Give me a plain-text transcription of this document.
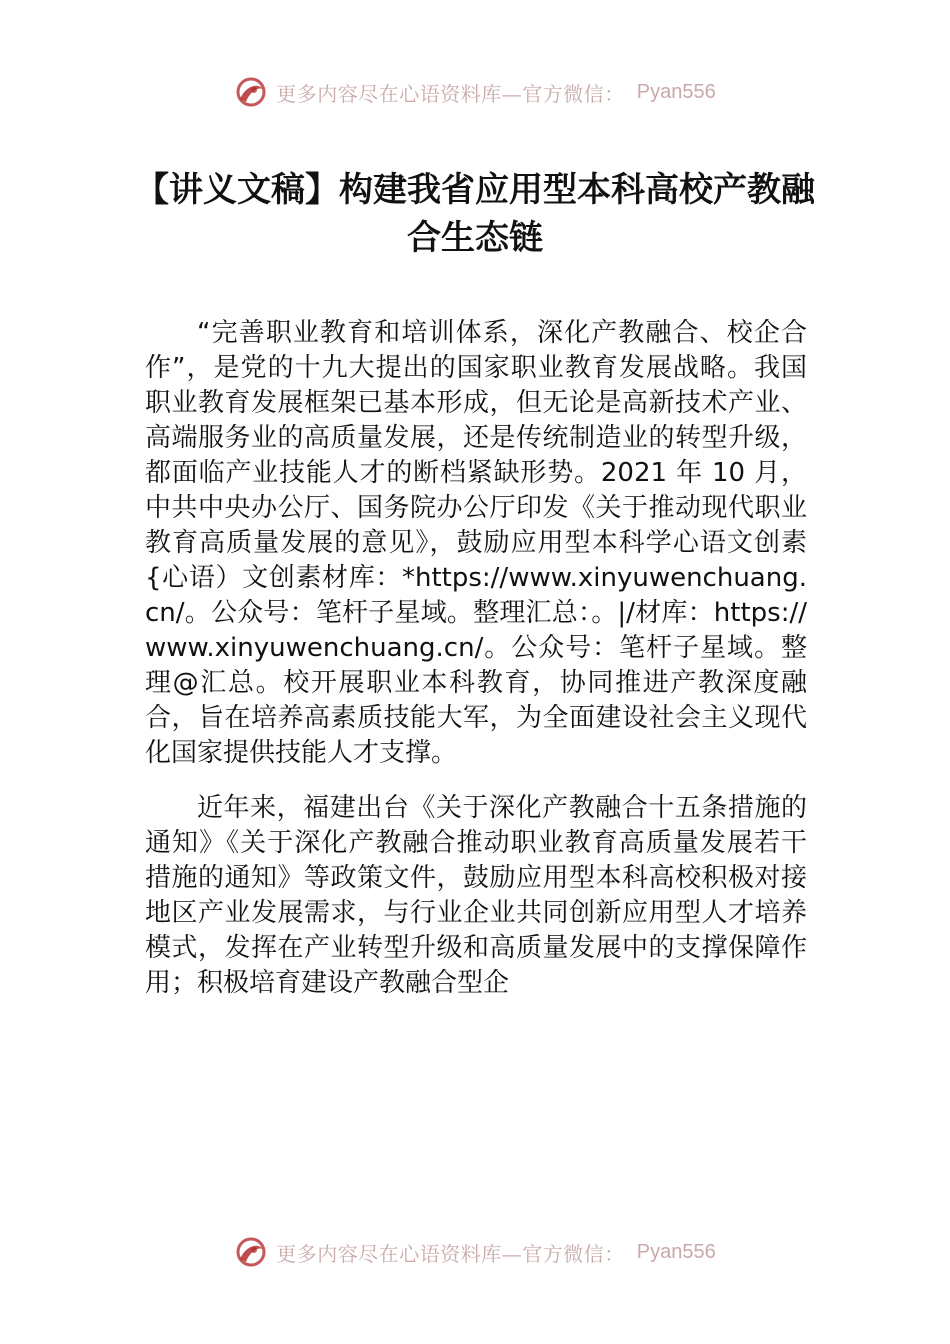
更多内容尽在心语资料库—官方微信： Pyan556
【讲义文稿】构建我省应用型本科高校产教融合生态链

“完善职业教育和培训体系，深化产教融合、校企合作”，是党的十九大提出的国家职业教育发展战略。我国职业教育发展框架已基本形成，但无论是高新技术产业、高端服务业的高质量发展，还是传统制造业的转型升级，都面临产业技能人才的断档紧缺形势。2021 年 10 月，中共中央办公厅、国务院办公厅印发《关于推动现代职业教育高质量发展的意见》，鼓励应用型本科学心语文创素{心语）文创素材库：*https://www.xinyuwenchuang.cn/。公众号：笔杆子星域。整理汇总：。|/材库：https://www.xinyuwenchuang.cn/。公众号：笔杆子星域。整理@汇总。校开展职业本科教育，协同推进产教深度融合，旨在培养高素质技能大军，为全面建设社会主义现代化国家提供技能人才支撑。

近年来，福建出台《关于深化产教融合十五条措施的通知》《关于深化产教融合推动职业教育高质量发展若干措施的通知》等政策文件，鼓励应用型本科高校积极对接地区产业发展需求，与行业企业共同创新应用型人才培养模式，发挥在产业转型升级和高质量发展中的支撑保障作用；积极培育建设产教融合型企

更多内容尽在心语资料库—官方微信： Pyan556
